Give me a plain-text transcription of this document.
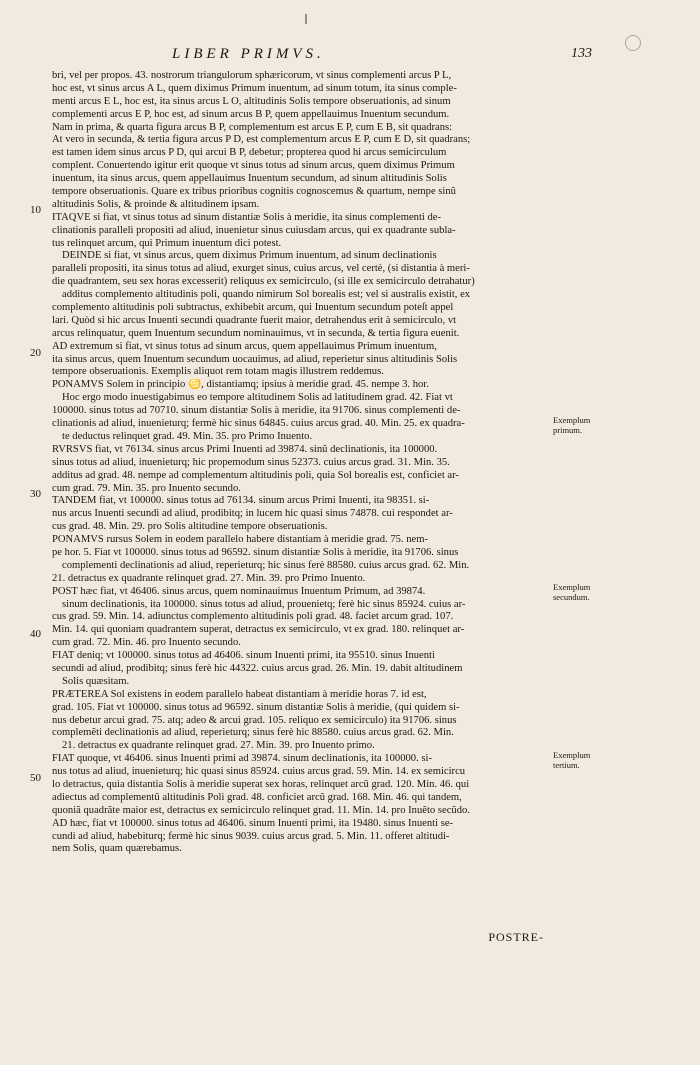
LIBER PRIMVS.	133
bri, vel per propos. 43. nostrorum triangulorum sphæricorum, vt sinus complementi arcus P L,
hoc est, vt sinus arcus A L, quem diximus Primum inuentum, ad sinum totum, ita sinus comple-
menti arcus E L, hoc est, ita sinus arcus L O, altitudinis Solis tempore obseruationis, ad sinum
complementi arcus E P, hoc est, ad sinum arcus B P, quem appellauimus Inuentum secundum.
Nam in prima, & quarta figura arcus B P, complementum est arcus E P, cum E B, sit quadrans:
At vero in secunda, & tertia figura arcus P D, est complementum arcus E P, cum E D, sit quadrans;
est tamen idem sinus arcus P D, qui arcui B P, debetur; propterea quod hi arcus semicirculum
complent. Conuertendo igitur erit quoque vt sinus totus ad sinum arcus, quem diximus Primum
inuentum, ita sinus arcus, quem appellauimus Inuentum secundum, ad sinum altitudinis Solis
tempore obseruationis. Quare ex tribus prioribus cognitis cognoscemus & quartum, nempe sinũ
altitudinis Solis, & proinde & altitudinem ipsam.
ITAQVE si fiat, vt sinus totus ad sinum distantiæ Solis à meridie, ita sinus complementi de-
clinationis paralleli propositi ad aliud, inuenietur sinus cuiusdam arcus, qui ex quadrante subla-
tus relinquet arcum, qui Primum inuentum dici potest.
DEINDE si fiat, vt sinus arcus, quem diximus Primum inuentum, ad sinum declinationis
paralleli propositi, ita sinus totus ad aliud, exurget sinus, cuius arcus, vel certè, (si distantia à meri-
die quadrantem, seu sex horas excesserit) reliquus ex semicirculo, (si ille ex semicirculo detrahatur)
additus complemento altitudinis poli, quando nimirum Sol borealis est; vel si australis existit, ex
complemento altitudinis poli subtractus, exhibebit arcum, qui Inuentum secundum poteſt appel
lari. Quòd si hic arcus Inuenti secundi quadrante fuerit maior, detrahendus erit à semicirculo, vt
arcus relinquatur, quem Inuentum secundum nominauimus, vt in secunda, & tertia figura euenit.
AD extremum si fiat, vt sinus totus ad sinum arcus, quem appellauimus Primum inuentum,
ita sinus arcus, quem Inuentum secundum uocauimus, ad aliud, reperietur sinus altitudinis Solis
tempore obseruationis. Exemplis aliquot rem totam magis illustrem reddemus.
PONAMVS Solem in principio ♋, distantiamq; ipsius à meridie grad. 45. nempe 3. hor.
Hoc ergo modo inuestigabimus eo tempore altitudinem Solis ad latitudinem grad. 42. Fiat vt
100000. sinus totus ad 70710. sinum distantiæ Solis à meridie, ita 91706. sinus complementi de-
clinationis ad aliud, inuenieturq; fermè hic sinus 64845. cuius arcus grad. 40. Min. 25. ex quadra-
te deductus relinquet grad. 49. Min. 35. pro Primo Inuento.
RVRSVS fiat, vt 76134. sinus arcus Primi Inuenti ad 39874. sinũ declinationis, ita 100000.
sinus totus ad aliud, inuenieturq; hic propemodum sinus 52373. cuius arcus grad. 31. Min. 35.
additus ad grad. 48. nempe ad complementum altitudinis poli, quia Sol borealis est, conficiet ar-
cum grad. 79. Min. 35. pro Inuento secundo.
TANDEM fiat, vt 100000. sinus totus ad 76134. sinum arcus Primi Inuenti, ita 98351. si-
nus arcus Inuenti secundi ad aliud, prodibitq; in lucem hic quasi sinus 74878. cui respondet ar-
cus grad. 48. Min. 29. pro Solis altitudine tempore obseruationis.
PONAMVS rursus Solem in eodem parallelo habere distantiam à meridie grad. 75. nem-
pe hor. 5. Fiat vt 100000. sinus totus ad 96592. sinum distantiæ Solis à meridie, ita 91706. sinus
complementi declinationis ad aliud, reperieturq; hic sinus ferè 88580. cuius arcus grad. 62. Min.
21. detractus ex quadrante relinquet grad. 27. Min. 39. pro Primo Inuento.
POST hæc fiat, vt 46406. sinus arcus, quem nominauimus Inuentum Primum, ad 39874.
sinum declinationis, ita 100000. sinus totus ad aliud, prouenietq; ferè hic sinus 85924. cuius ar-
cus grad. 59. Min. 14. adiunctus complemento altitudinis poli grad. 48. faciet arcum grad. 107.
Min. 14. qui quoniam quadrantem superat, detractus ex semicirculo, vt ex grad. 180. relinquet ar-
cum grad. 72. Min. 46. pro Inuento secundo.
FIAT deniq; vt 100000. sinus totus ad 46406. sinum Inuenti primi, ita 95510. sinus Inuenti
secundi ad aliud, prodibitq; sinus ferè hic 44322. cuius arcus grad. 26. Min. 19. dabit altitudinem
Solis quæsitam.
PRÆTEREA Sol existens in eodem parallelo habeat distantiam à meridie horas 7. id est,
grad. 105. Fiat vt 100000. sinus totus ad 96592. sinum distantiæ Solis à meridie, (qui quidem si-
nus debetur arcui grad. 75. atq; adeo & arcui grad. 105. reliquo ex semicirculo) ita 91706. sinus
complemẽti declinationis ad aliud, reperieturq; sinus ferè hic 88580. cuius arcus grad. 62. Min.
21. detractus ex quadrante relinquet grad. 27. Min. 39. pro Inuento primo.
FIAT quoque, vt 46406. sinus Inuenti primi ad 39874. sinum declinationis, ita 100000. si-
nus totus ad aliud, inuenieturq; hic quasi sinus 85924. cuius arcus grad. 59. Min. 14. ex semicircu
lo detractus, quia distantia Solis à meridie superat sex horas, relinquet arcũ grad. 120. Min. 46. qui
adiectus ad complementũ altitudinis Poli grad. 48. conficiet arcũ grad. 168. Min. 46. qui tandem,
quoniã quadrãte maior est, detractus ex semicirculo relinquet grad. 11. Min. 14. pro Inuẽto secũdo.
AD hæc, fiat vt 100000. sinus totus ad 46406. sinum Inuenti primi, ita 19480. sinus Inuenti se-
cundi ad aliud, habebiturq; fermè hic sinus 9039. cuius arcus grad. 5. Min. 11. offeret altitudi-
nem Solis, quam quærebamus.
10
20
30
40
50
Exemplum primum.
Exemplum secundum.
Exemplum tertium.
POSTRE-
